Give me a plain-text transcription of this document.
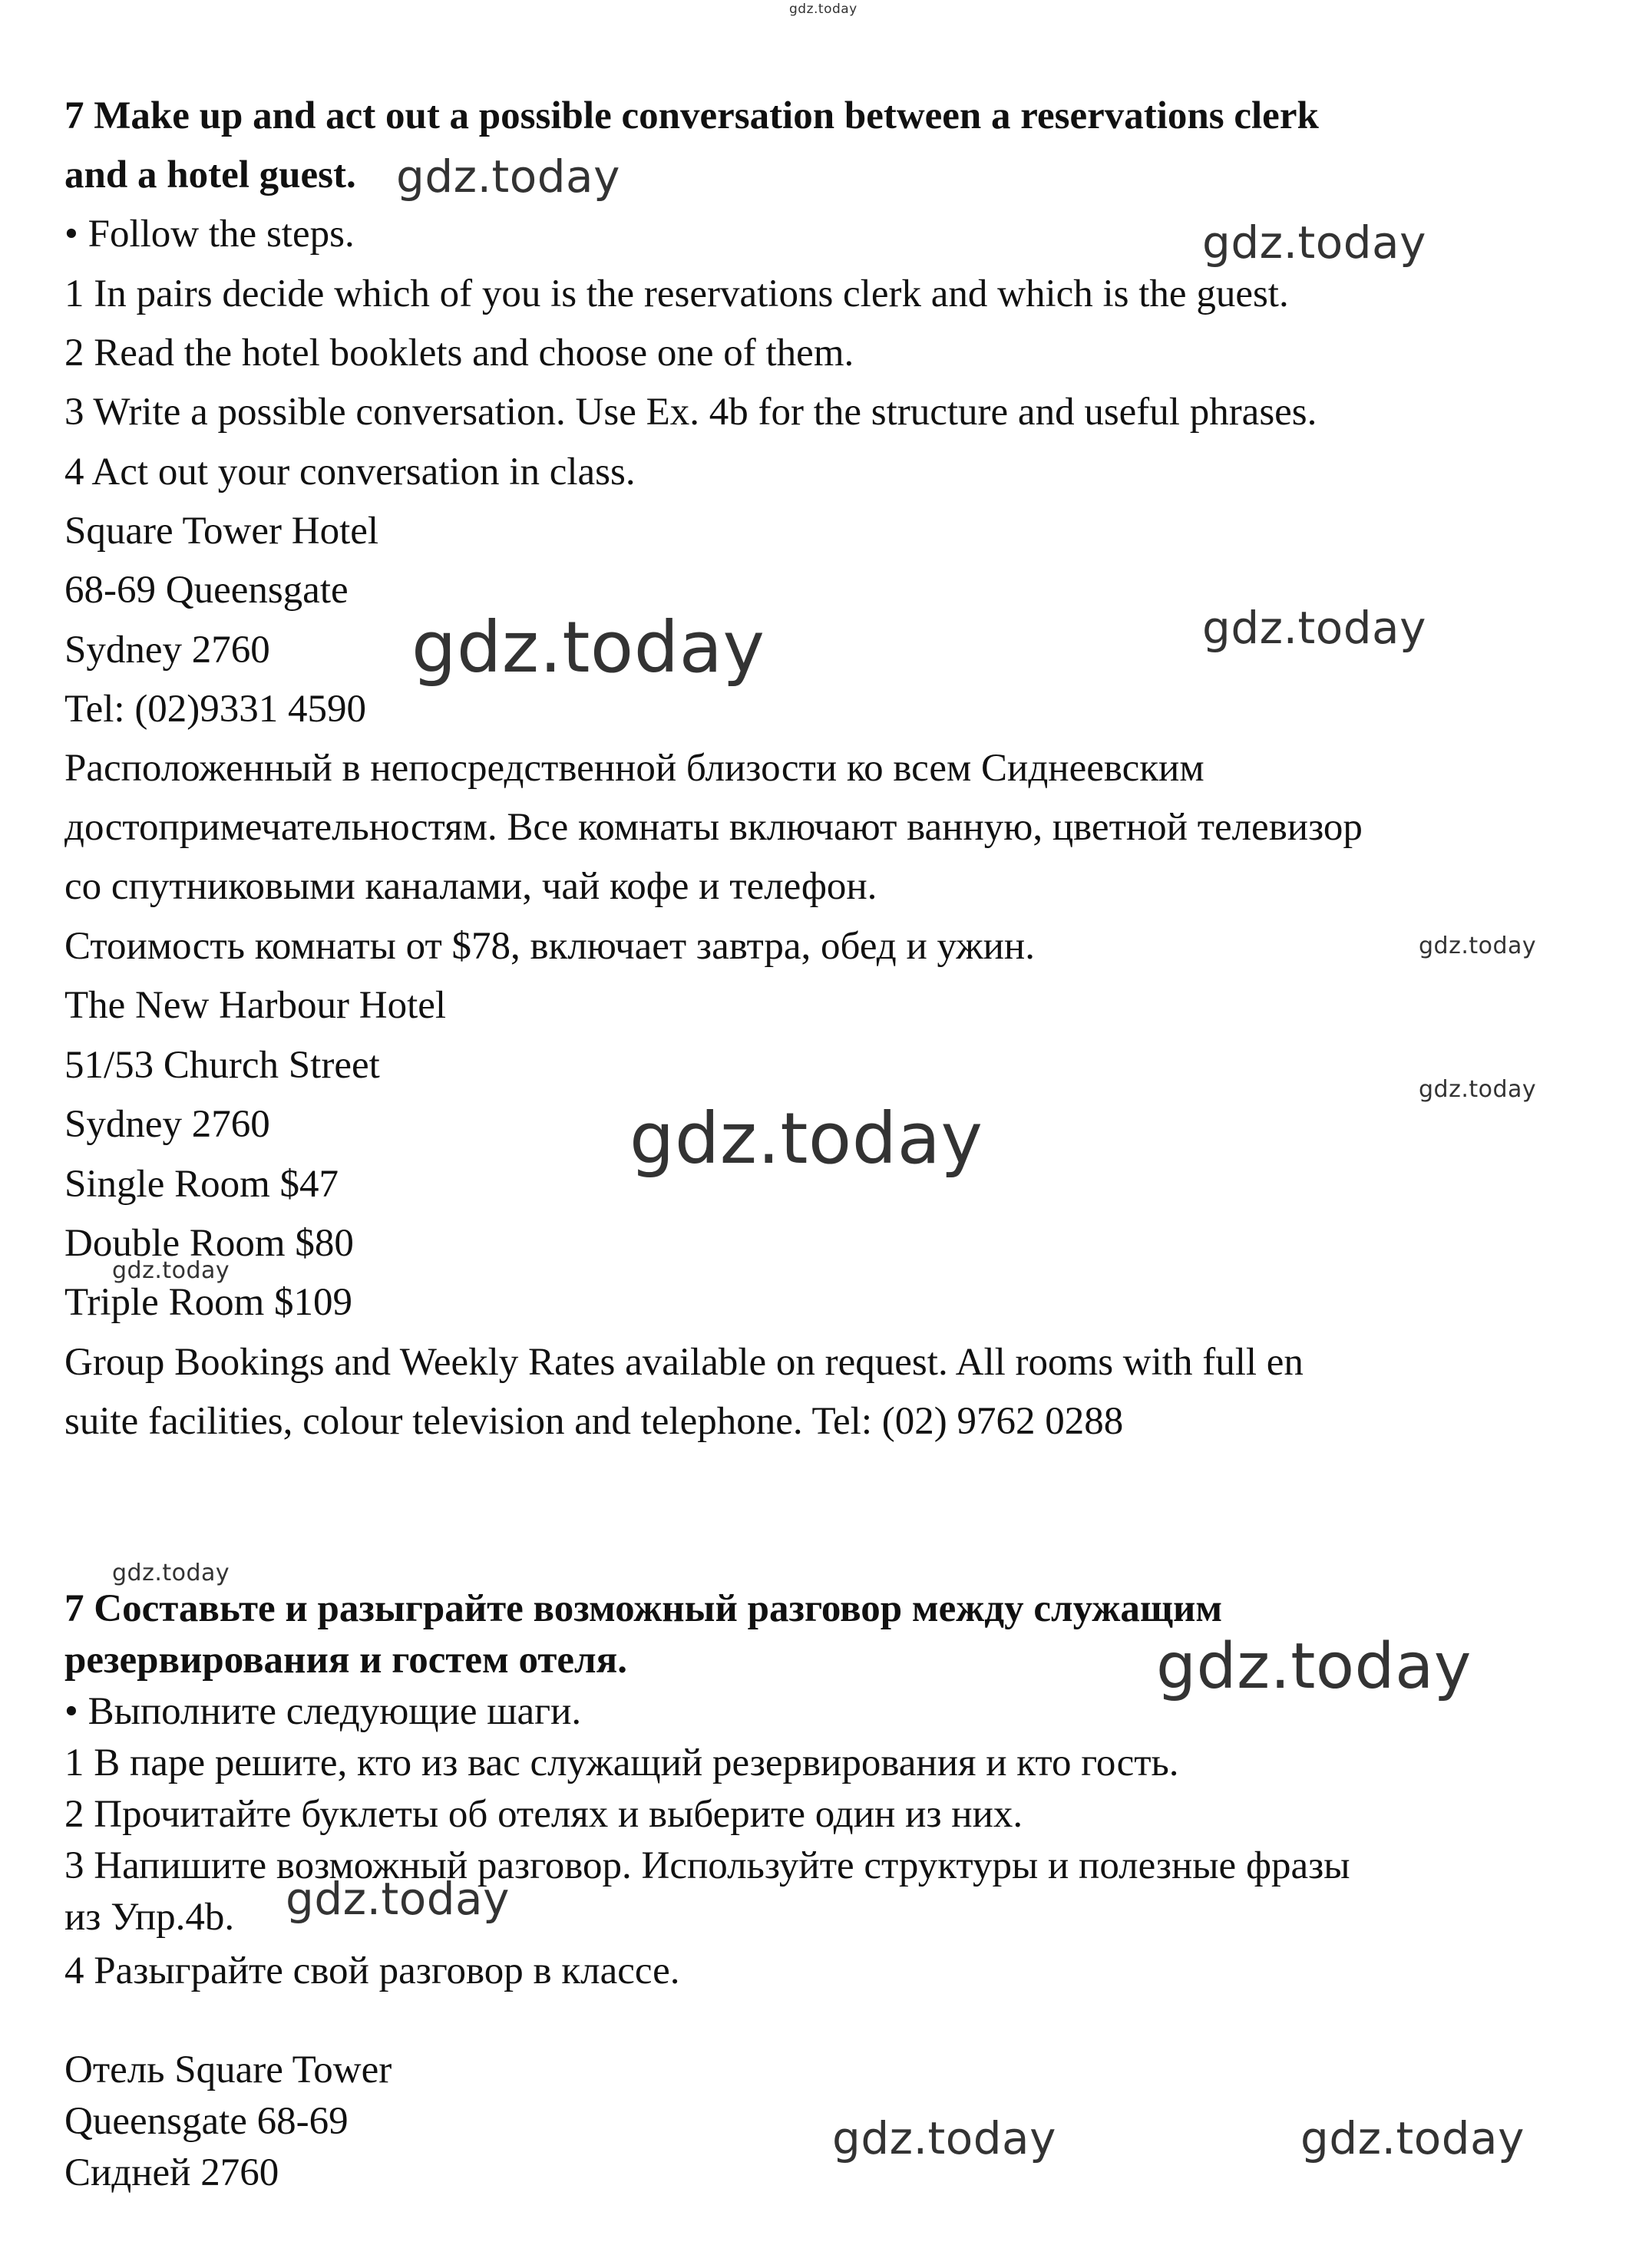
gdz.today
7 Make up and act out a possible conversation between a reservations clerk
and a hotel guest.
• Follow the steps.
1 In pairs decide which of you is the reservations clerk and which is the guest.
2 Read the hotel booklets and choose one of them.
3 Write a possible conversation. Use Ex. 4b for the structure and useful phrases.
4 Act out your conversation in class.
Square Tower Hotel
68-69 Queensgate
Sydney 2760
Tel: (02)9331 4590
Расположенный в непосредственной близости ко всем Сиднеевским
достопримечательностям. Все комнаты включают ванную, цветной телевизор
со спутниковыми каналами, чай кофе и телефон.
Стоимость комнаты от $78, включает завтра, обед и ужин.
The New Harbour Hotel
51/53 Church Street
Sydney 2760
Single Room $47
Double Room $80
Triple Room $109
Group Bookings and Weekly Rates available on request. All rooms with full en
suite facilities, colour television and telephone. Tel: (02) 9762 0288
7 Составьте и разыграйте возможный разговор между служащим
резервирования и гостем отеля.
• Выполните следующие шаги.
1 В паре решите, кто из вас служащий резервирования и кто гость.
2 Прочитайте буклеты об отелях и выберите один из них.
3 Напишите возможный разговор. Используйте структуры и полезные фразы
из Упр.4b.
4 Разыграйте свой разговор в классе.
Отель Square Tower
Queensgate 68-69
Сидней 2760
gdz.today
gdz.today
gdz.today	gdz.today
gdz.today
gdz.today
gdz.today
gdz.today
gdz.today
gdz.today
gdz.today
gdz.today	gdz.today
